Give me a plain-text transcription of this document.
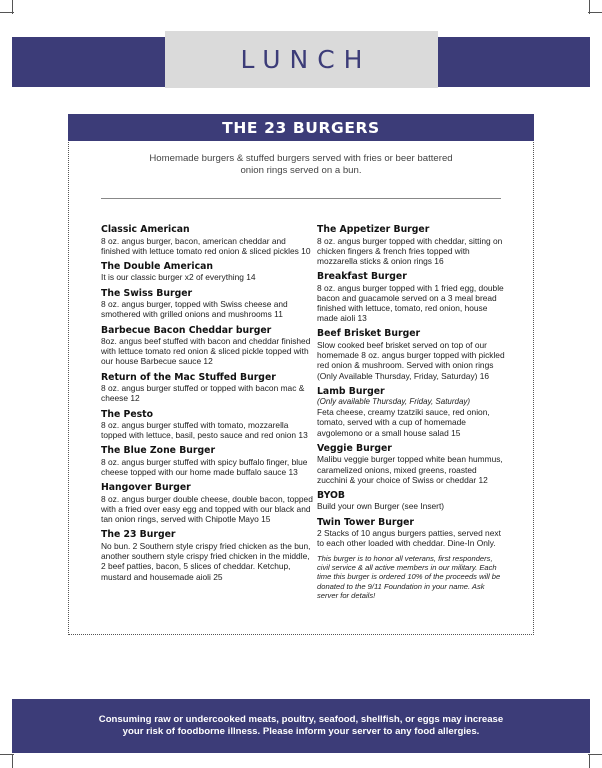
LUNCH
THE 23 BURGERS

Homemade burgers & stuffed burgers served with fries or beer battered onion rings served on a bun.

Classic American
8 oz. angus burger, bacon, american cheddar and finished with lettuce tomato red onion & sliced pickles 10
The Double American
It is our classic burger x2 of everything 14
The Swiss Burger
8 oz. angus burger, topped with Swiss cheese and smothered with grilled onions and mushrooms 11
Barbecue Bacon Cheddar burger
8oz. angus beef stuffed with bacon and cheddar finished with lettuce tomato red onion & sliced pickle topped with our house Barbecue sauce 12
Return of the Mac Stuffed Burger
8 oz. angus burger stuffed or topped with bacon mac & cheese 12
The Pesto
8 oz. angus burger stuffed with tomato, mozzarella topped with lettuce, basil, pesto sauce and red onion 13
The Blue Zone Burger
8 oz. angus burger stuffed with spicy buffalo finger, blue cheese topped with our home made buffalo sauce 13
Hangover Burger
8 oz. angus burger double cheese, double bacon, topped with a fried over easy egg and topped with our black and tan onion rings, served with Chipotle Mayo 15
The 23 Burger
No bun. 2 Southern style crispy fried chicken as the bun, another southern style crispy fried chicken in the middle, 2 beef patties, bacon, 5 slices of cheddar. Ketchup, mustard and housemade aioli 25
The Appetizer Burger
8 oz. angus burger topped with cheddar, sitting on chicken fingers & french fries topped with mozzarella sticks & onion rings 16
Breakfast Burger
8 oz. angus burger topped with 1 fried egg, double bacon and guacamole served on a 3 meal bread finished with lettuce, tomato, red onion, house made aioli 13
Beef Brisket Burger
Slow cooked beef brisket served on top of our homemade 8 oz. angus burger topped with pickled red onion & mushroom. Served with onion rings (Only Available Thursday, Friday, Saturday) 16
Lamb Burger
(Only available Thursday, Friday, Saturday)
Feta cheese, creamy tzatziki sauce, red onion, tomato, served with a cup of homemade avgolemono or a small house salad 15
Veggie Burger
Malibu veggie burger topped white bean hummus, caramelized onions, mixed greens, roasted zucchini & your choice of Swiss or cheddar 12
BYOB
Build your own Burger (see Insert)
Twin Tower Burger
2 Stacks of 10 angus burgers patties, served next to each other loaded with cheddar. Dine-In Only.

This burger is to honor all veterans, first responders, civil service & all active members in our military. Each time this burger is ordered 10% of the proceeds will be donated to the 9/11 Foundation in your name. Ask server for details!

Consuming raw or undercooked meats, poultry, seafood, shellfish, or eggs may increase your risk of foodborne illness. Please inform your server to any food allergies.
